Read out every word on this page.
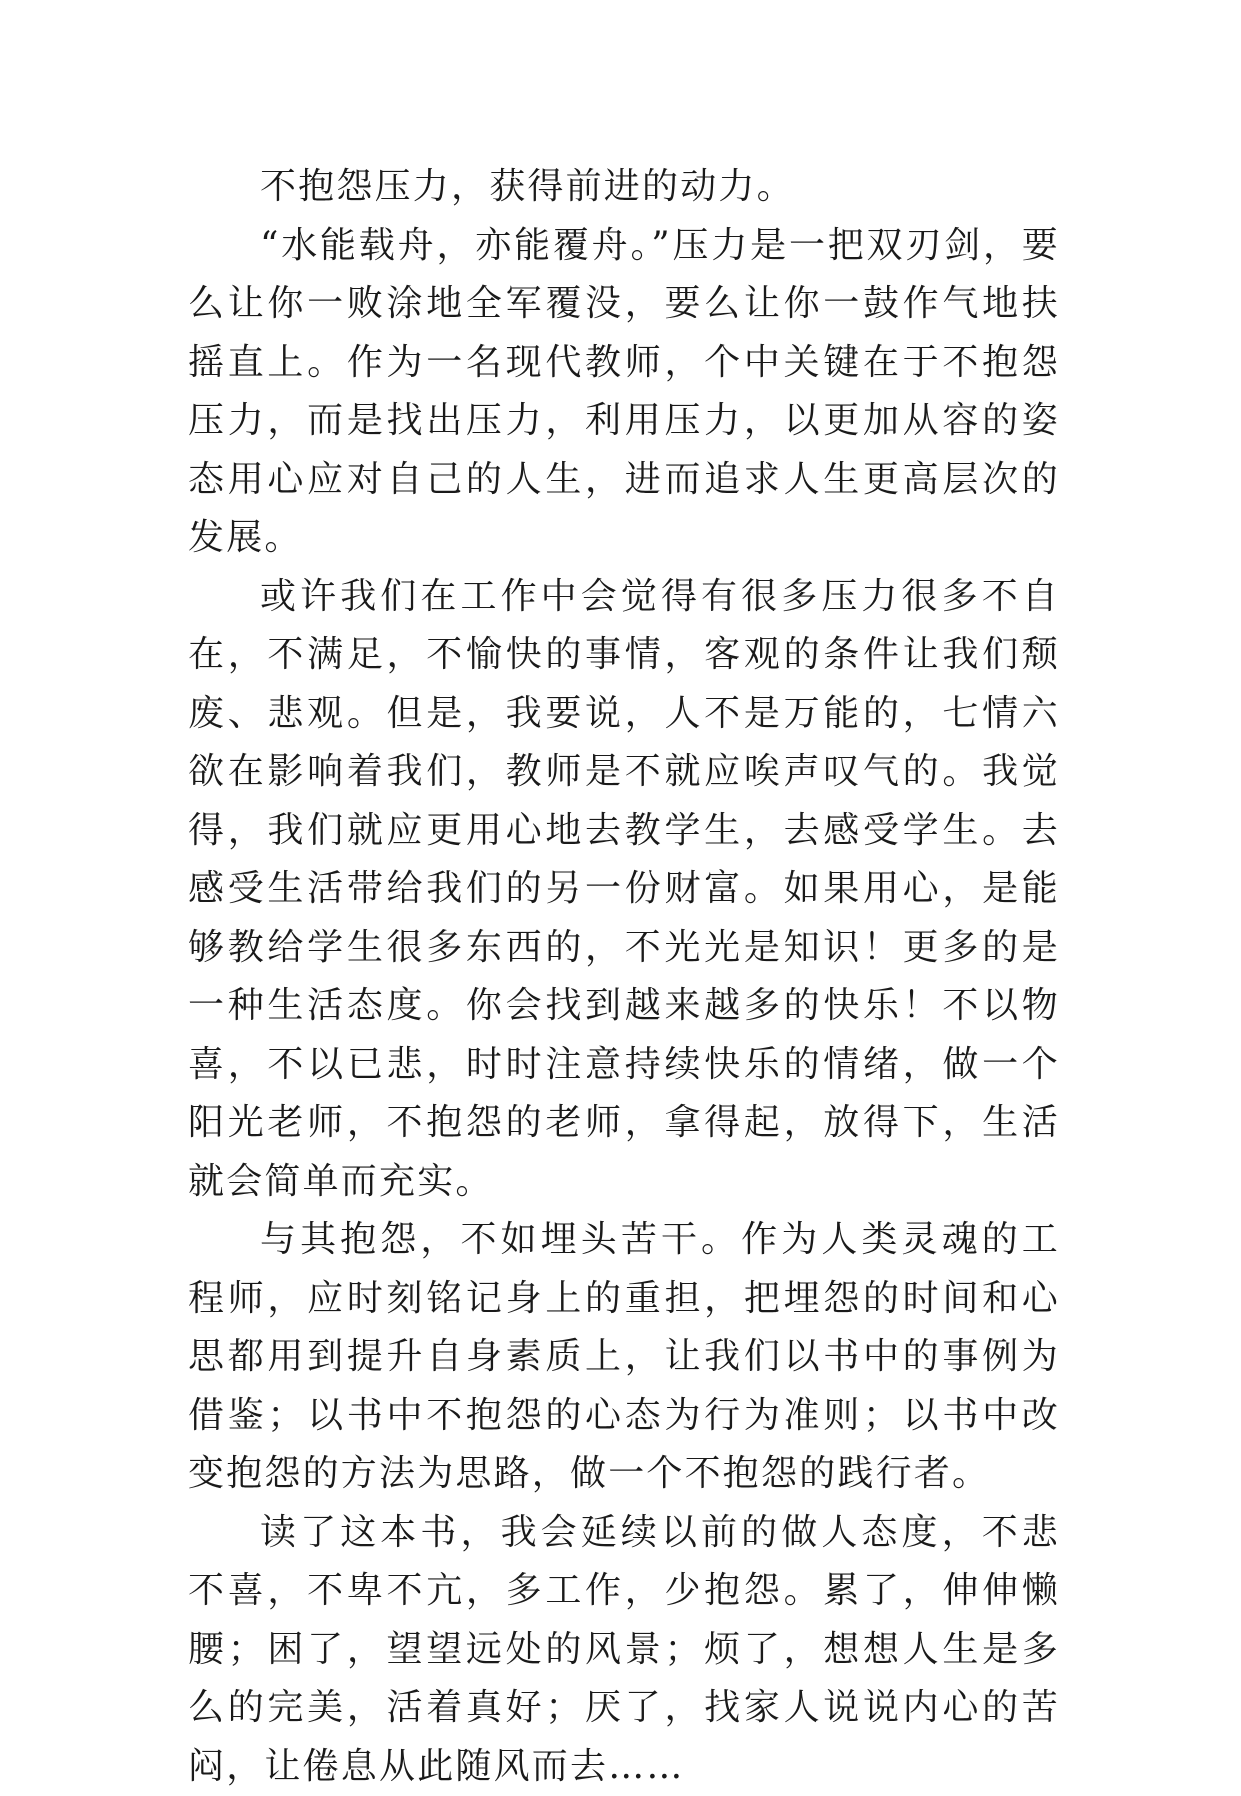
不抱怨压力，获得前进的动力。

“水能载舟，亦能覆舟。”压力是一把双刃剑，要么让你一败涂地全军覆没，要么让你一鼓作气地扶摇直上。作为一名现代教师，个中关键在于不抱怨压力，而是找出压力，利用压力，以更加从容的姿态用心应对自己的人生，进而追求人生更高层次的发展。

或许我们在工作中会觉得有很多压力很多不自在，不满足，不愉快的事情，客观的条件让我们颓废、悲观。但是，我要说，人不是万能的，七情六欲在影响着我们，教师是不就应唉声叹气的。我觉得，我们就应更用心地去教学生，去感受学生。去感受生活带给我们的另一份财富。如果用心，是能够教给学生很多东西的，不光光是知识！更多的是一种生活态度。你会找到越来越多的快乐！不以物喜，不以已悲，时时注意持续快乐的情绪，做一个阳光老师，不抱怨的老师，拿得起，放得下，生活就会简单而充实。

与其抱怨，不如埋头苦干。作为人类灵魂的工程师，应时刻铭记身上的重担，把埋怨的时间和心思都用到提升自身素质上，让我们以书中的事例为借鉴；以书中不抱怨的心态为行为准则；以书中改变抱怨的方法为思路，做一个不抱怨的践行者。

读了这本书，我会延续以前的做人态度，不悲不喜，不卑不亢，多工作，少抱怨。累了，伸伸懒腰；困了，望望远处的风景；烦了，想想人生是多么的完美，活着真好；厌了，找家人说说内心的苦闷，让倦息从此随风而去……
